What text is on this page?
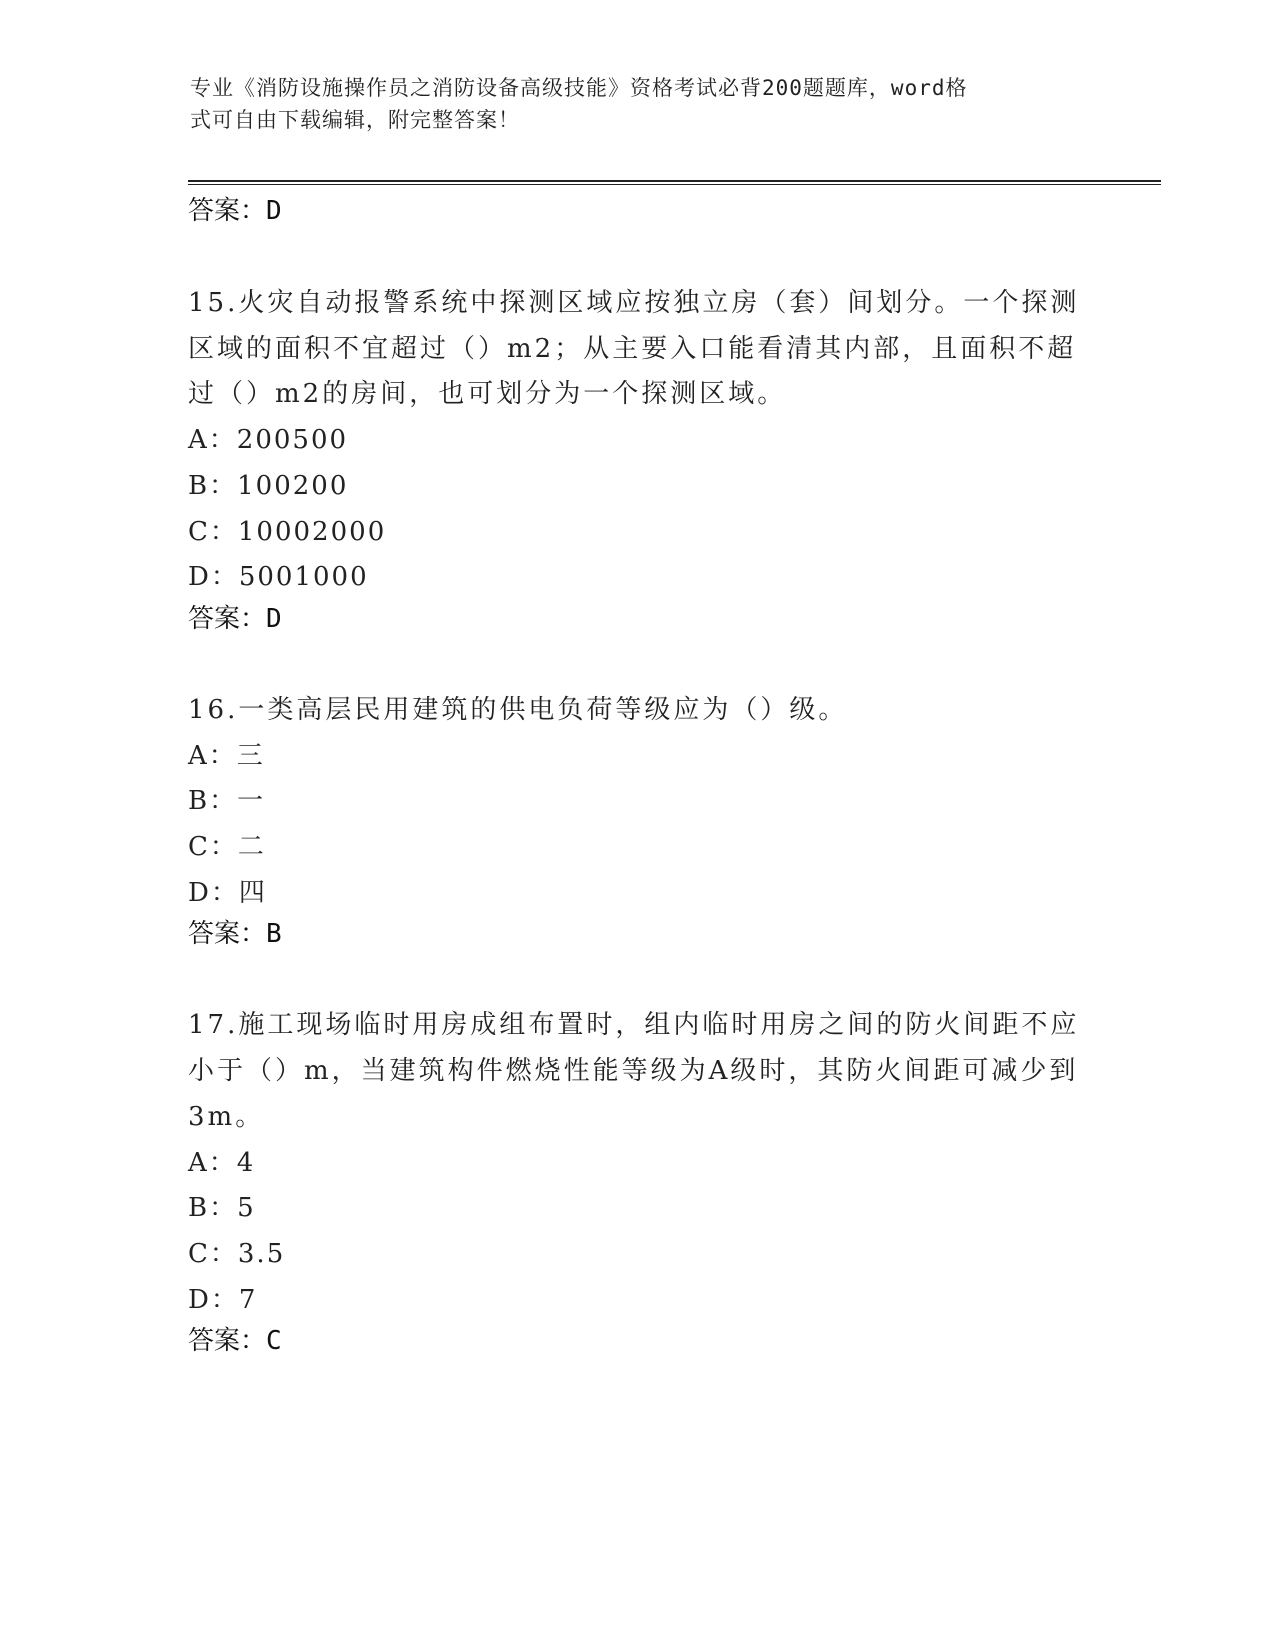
专业《消防设施操作员之消防设备高级技能》资格考试必背200题题库，word格
式可自由下载编辑，附完整答案！
答案：D
15.火灾自动报警系统中探测区域应按独立房（套）间划分。一个探测
区域的面积不宜超过（）m2；从主要入口能看清其内部，且面积不超
过（）m2的房间，也可划分为一个探测区域。
A：200500
B：100200
C：10002000
D：5001000
答案：D
16.一类高层民用建筑的供电负荷等级应为（）级。
A：三
B：一
C：二
D：四
答案：B
17.施工现场临时用房成组布置时，组内临时用房之间的防火间距不应
小于（）m，当建筑构件燃烧性能等级为A级时，其防火间距可减少到
3m。
A：4
B：5
C：3.5
D：7
答案：C
